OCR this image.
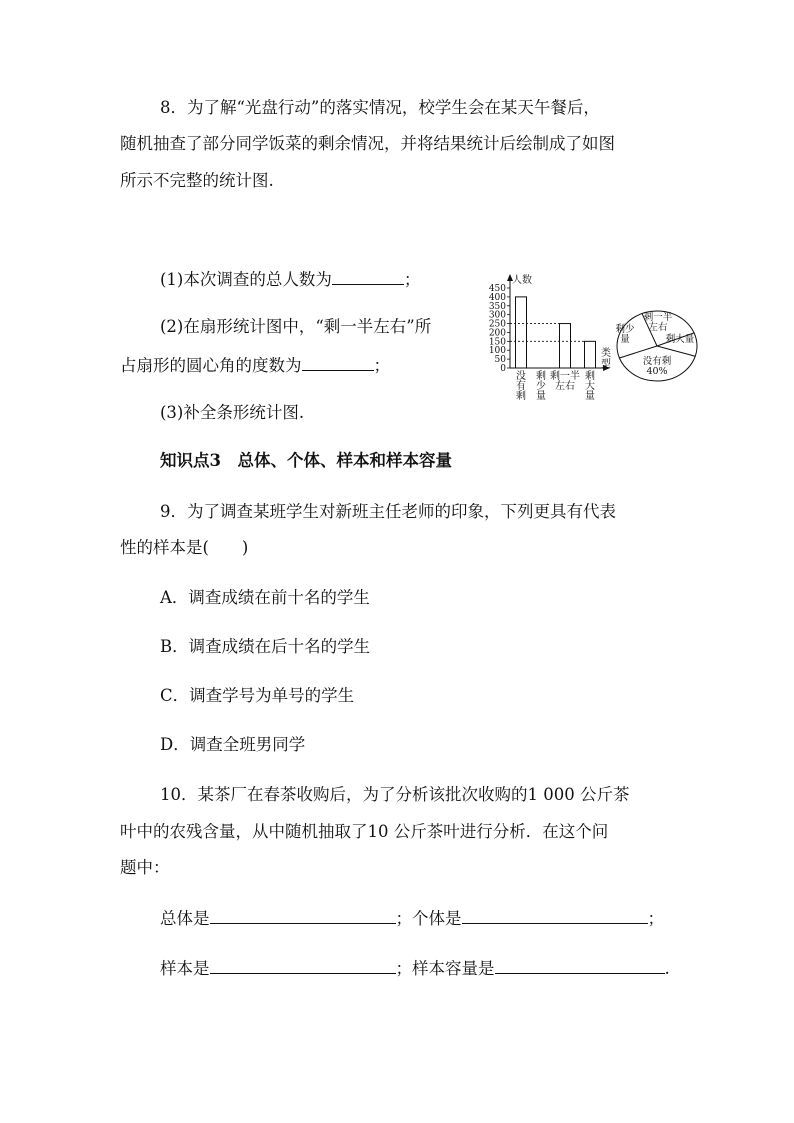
8．为了解“光盘行动”的落实情况，校学生会在某天午餐后，
随机抽查了部分同学饭菜的剩余情况，并将结果统计后绘制成了如图
所示不完整的统计图.
(1)本次调查的总人数为	；
(2)在扇形统计图中，“剩一半左右”所
占扇形的圆心角的度数为	；
(3)补全条形统计图.
人数
0
50
100
150
200
250
300
350
400
450
没
有
剩
剩
少
量
剩一半
左右
剩
大
量
类
型	没有剩
40%
剩少
量
剩一半
左右
剩大量
知识点3　总体、个体、样本和样本容量
9．为了调查某班学生对新班主任老师的印象，下列更具有代表
性的样本是(　　)
A．调查成绩在前十名的学生
B．调查成绩在后十名的学生
C．调查学号为单号的学生
D．调查全班男同学
10．某茶厂在春茶收购后，为了分析该批次收购的1 000 公斤茶
叶中的农残含量，从中随机抽取了10 公斤茶叶进行分析．在这个问
题中：
总体是	；个体是	；
样本是	；样本容量是	.
